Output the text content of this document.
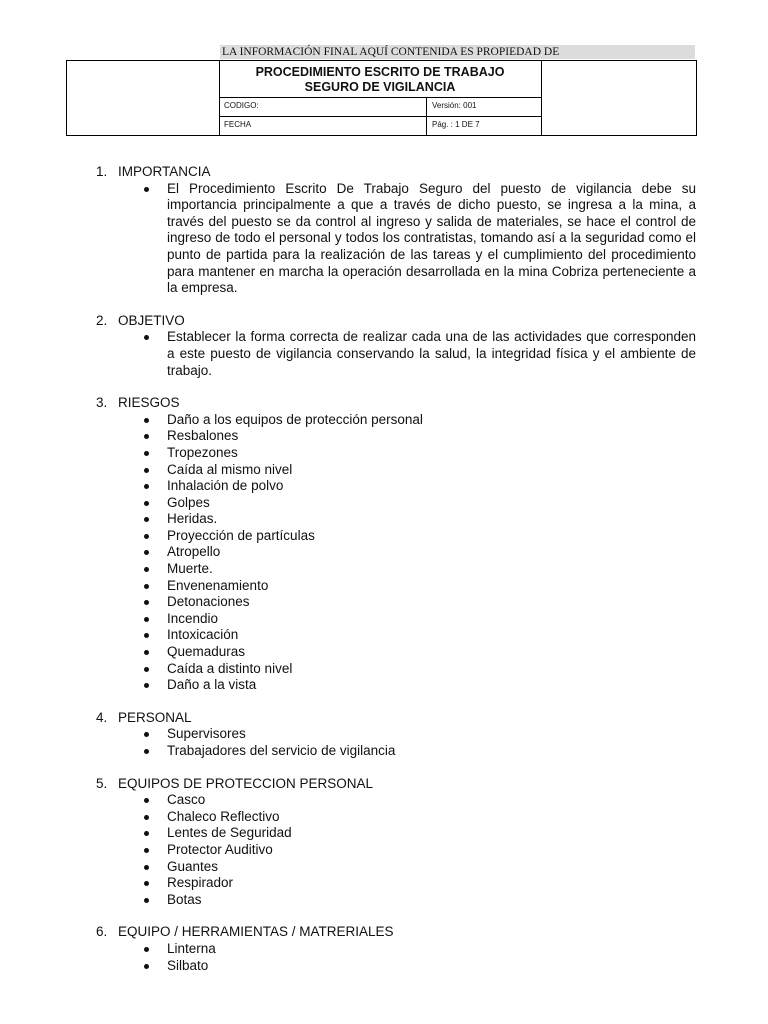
LA INFORMACIÓN FINAL AQUÍ CONTENIDA ES PROPIEDAD DE
PROCEDIMIENTO ESCRITO DE TRABAJO
SEGURO DE VIGILANCIA
CODIGO:	Versión: 001
FECHA	Pág. : 1 DE 7
1. IMPORTANCIA
El Procedimiento Escrito De Trabajo Seguro del puesto de vigilancia debe su importancia principalmente a que a través de dicho puesto, se ingresa a la mina, a través del puesto se da control al ingreso y salida de materiales, se hace el control de ingreso de todo el personal y todos los contratistas, tomando así a la seguridad como el punto de partida para la realización de las tareas y el cumplimiento del procedimiento para mantener en marcha la operación desarrollada en la mina Cobriza perteneciente a la empresa.
2. OBJETIVO
Establecer la forma correcta de realizar cada una de las actividades que corresponden a este puesto de vigilancia conservando la salud, la integridad física y el ambiente de trabajo.
3. RIESGOS
Daño a los equipos de protección personal
Resbalones
Tropezones
Caída al mismo nivel
Inhalación de polvo
Golpes
Heridas.
Proyección de partículas
Atropello
Muerte.
Envenenamiento
Detonaciones
Incendio
Intoxicación
Quemaduras
Caída a distinto nivel
Daño a la vista
4. PERSONAL
Supervisores
Trabajadores del servicio de vigilancia
5. EQUIPOS DE PROTECCION PERSONAL
Casco
Chaleco Reflectivo
Lentes de Seguridad
Protector Auditivo
Guantes
Respirador
Botas
6. EQUIPO / HERRAMIENTAS / MATRERIALES
Linterna
Silbato
